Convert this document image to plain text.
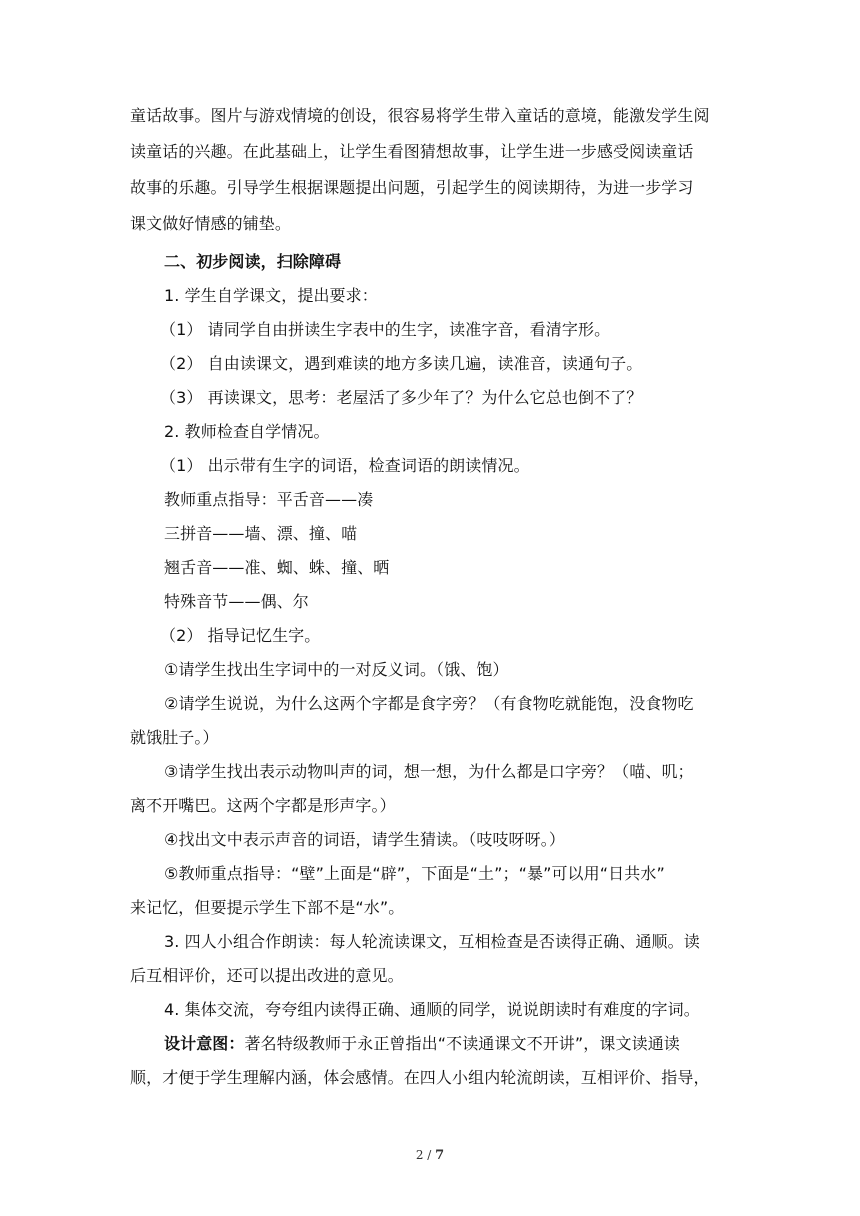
童话故事。图片与游戏情境的创设，很容易将学生带入童话的意境，能激发学生阅
读童话的兴趣。在此基础上，让学生看图猜想故事，让学生进一步感受阅读童话
故事的乐趣。引导学生根据课题提出问题，引起学生的阅读期待，为进一步学习
课文做好情感的铺垫。
二、初步阅读，扫除障碍
1. 学生自学课文，提出要求：
（1） 请同学自由拼读生字表中的生字，读准字音，看清字形。
（2） 自由读课文，遇到难读的地方多读几遍，读准音，读通句子。
（3） 再读课文，思考：老屋活了多少年了？为什么它总也倒不了？
2. 教师检查自学情况。
（1） 出示带有生字的词语，检查词语的朗读情况。
教师重点指导：平舌音——凑
三拼音——墙、漂、撞、喵
翘舌音——准、蜘、蛛、撞、晒
特殊音节——偶、尔
（2） 指导记忆生字。
①请学生找出生字词中的一对反义词。（饿、饱）
②请学生说说，为什么这两个字都是食字旁？（有食物吃就能饱，没食物吃
就饿肚子。）
③请学生找出表示动物叫声的词，想一想，为什么都是口字旁？（喵、叽；
离不开嘴巴。这两个字都是形声字。）
④找出文中表示声音的词语，请学生猜读。（吱吱呀呀。）
⑤教师重点指导：“壁”上面是“辟”，下面是“土”；“暴”可以用“日共水”
来记忆，但要提示学生下部不是“水”。
3. 四人小组合作朗读：每人轮流读课文，互相检查是否读得正确、通顺。读
后互相评价，还可以提出改进的意见。
4. 集体交流，夸夸组内读得正确、通顺的同学，说说朗读时有难度的字词。
设计意图：著名特级教师于永正曾指出“不读通课文不开讲”，课文读通读
顺，才便于学生理解内涵，体会感情。在四人小组内轮流朗读，互相评价、指导，
2 / 7
